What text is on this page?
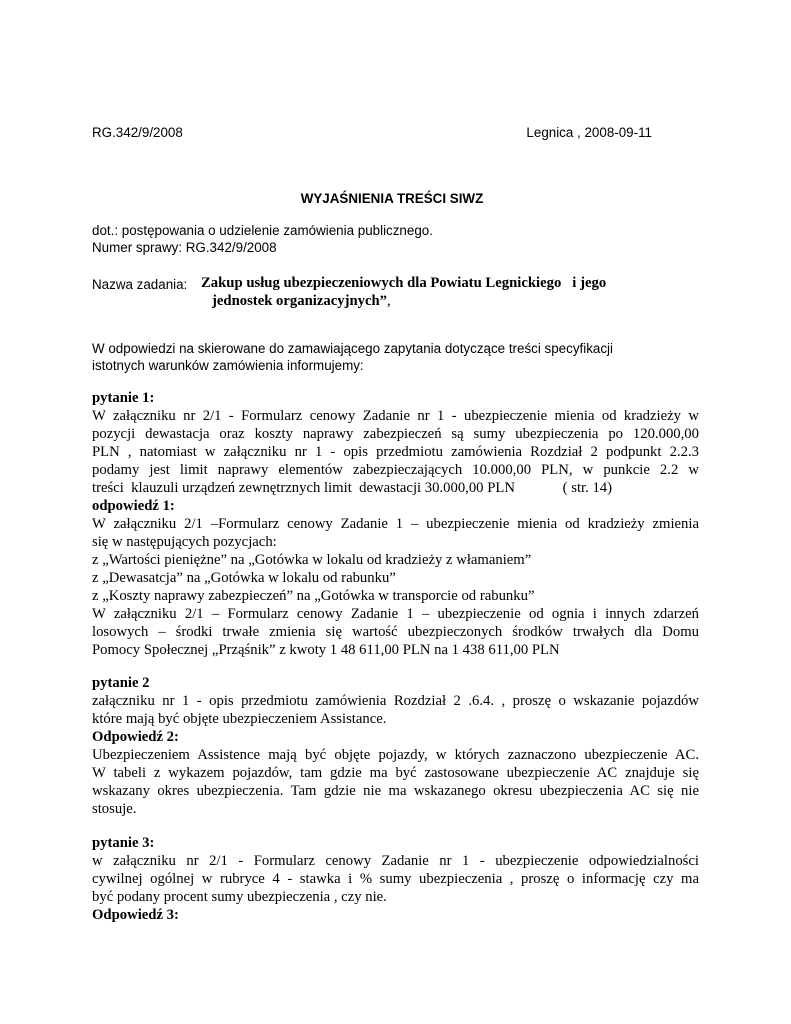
RG.342/9/2008	Legnica , 2008-09-11
WYJAŚNIENIA TREŚCI SIWZ
dot.: postępowania o udzielenie zamówienia publicznego.
Numer sprawy: RG.342/9/2008
Nazwa zadania: Zakup usług ubezpieczeniowych dla Powiatu Legnickiego   i jego
jednostek organizacyjnych”,
W odpowiedzi na skierowane do zamawiającego zapytania dotyczące treści specyfikacji
istotnych warunków zamówienia informujemy:
pytanie 1:
W załączniku nr 2/1 - Formularz cenowy Zadanie nr 1 - ubezpieczenie mienia od kradzieży w
pozycji dewastacja oraz koszty naprawy zabezpieczeń są sumy ubezpieczenia po 120.000,00
PLN , natomiast w załączniku nr 1 - opis przedmiotu zamówienia Rozdział 2 podpunkt 2.2.3
podamy jest limit naprawy elementów zabezpieczających 10.000,00 PLN, w punkcie 2.2 w
treści  klauzuli urządzeń zewnętrznych limit  dewastacji 30.000,00 PLN             ( str. 14)
odpowiedź 1:
W załączniku 2/1 –Formularz cenowy Zadanie 1 – ubezpieczenie mienia od kradzieży zmienia
się w następujących pozycjach:
z „Wartości pieniężne” na „Gotówka w lokalu od kradzieży z włamaniem”
z „Dewasatcja” na „Gotówka w lokalu od rabunku”
z „Koszty naprawy zabezpieczeń” na „Gotówka w transporcie od rabunku”
W załączniku 2/1 – Formularz cenowy Zadanie 1 – ubezpieczenie od ognia i innych zdarzeń
losowych – środki trwałe zmienia się wartość ubezpieczonych środków trwałych dla Domu
Pomocy Społecznej „Prząśnik” z kwoty 1 48 611,00 PLN na 1 438 611,00 PLN
pytanie 2
załączniku nr 1 - opis przedmiotu zamówienia Rozdział 2 .6.4. , proszę o wskazanie pojazdów
które mają być objęte ubezpieczeniem Assistance.
Odpowiedź 2:
Ubezpieczeniem Assistence mają być objęte pojazdy, w których zaznaczono ubezpieczenie AC.
W tabeli z wykazem pojazdów, tam gdzie ma być zastosowane ubezpieczenie AC znajduje się
wskazany okres ubezpieczenia. Tam gdzie nie ma wskazanego okresu ubezpieczenia AC się nie
stosuje.
pytanie 3:
w załączniku nr 2/1 - Formularz cenowy Zadanie nr 1 - ubezpieczenie odpowiedzialności
cywilnej ogólnej w rubryce 4 - stawka i % sumy ubezpieczenia , proszę o informację czy ma
być podany procent sumy ubezpieczenia , czy nie.
Odpowiedź 3:
